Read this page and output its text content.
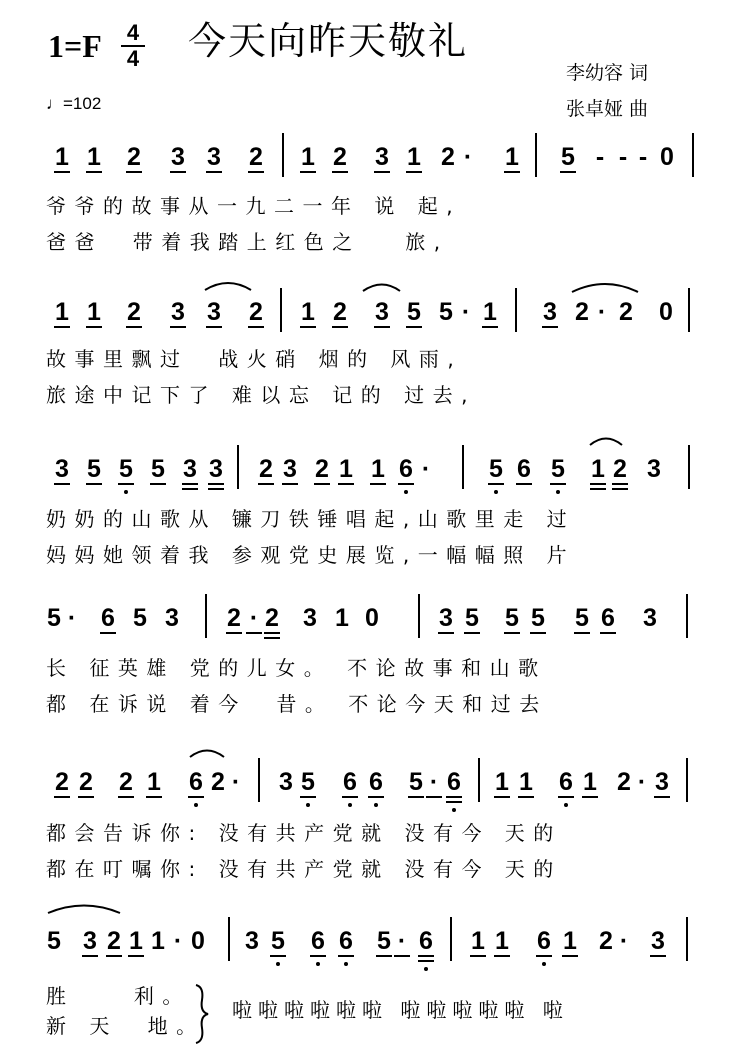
今天向昨天敬礼
1=F 4
4
♩=102
李幼容 词
张卓娅 曲
1 1 2 3 3 2 1 2 3 1 2 · 1 5 - - - 0
1 1 2 3 3 2 1 2 3 5 5 · 1 3 2 · 2 0
3 5 5 5 3 3 2 3 2 1 1 6 · 5 6 5 1 2 3
5 · 6 5 3 2 · 2 3 1 0 3 5 5 5 5 6 3
2 2 2 1 6 2 · 3 5 6 6 5 · 6 1 1 6 1 2 · 3
5 3 2 1 1 · 0 3 5 6 6 5 · 6 1 1 6 1 2 · 3
爷爷的故事从一九二一年 说 起,
爸爸  带着我踏上红色之   旅,
故事里飘过  战火硝 烟的 风雨,
旅途中记下了 难以忘 记的 过去,
奶奶的山歌从 镰刀铁锤唱起,山歌里走 过
妈妈她领着我 参观党史展览,一幅幅照 片
长 征英雄 党的儿女。 不论故事和山歌
都 在诉说 着今  昔。 不论今天和过去
都会告诉你: 没有共产党就 没有今 天的
都在叮嘱你: 没有共产党就 没有今 天的
胜    利。
新 天  地。
啦啦啦啦啦啦 啦啦啦啦啦 啦
